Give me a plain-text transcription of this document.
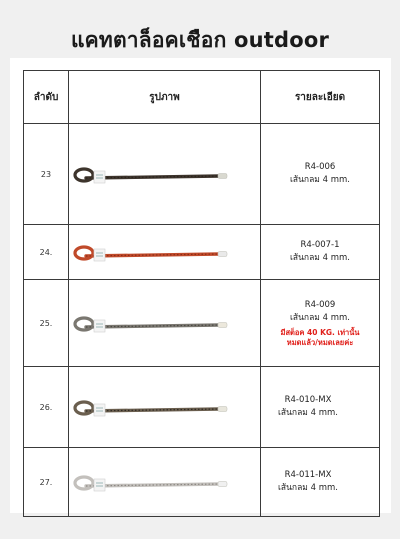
แคทตาล็อคเชือก outdoor
ลำดับ	รูปภาพ	รายละเอียด
23		R4-006
เส้นกลม 4 mm.

24.		R4-007-1
เส้นกลม 4 mm.

25.		R4-009
เส้นกลม 4 mm.
มีสต็อค 40 KG. เท่านั้น
หมดแล้ว/หมดเลยค่ะ

26.		R4-010-MX
เส้นกลม 4 mm.

27.		R4-011-MX
เส้นกลม 4 mm.
